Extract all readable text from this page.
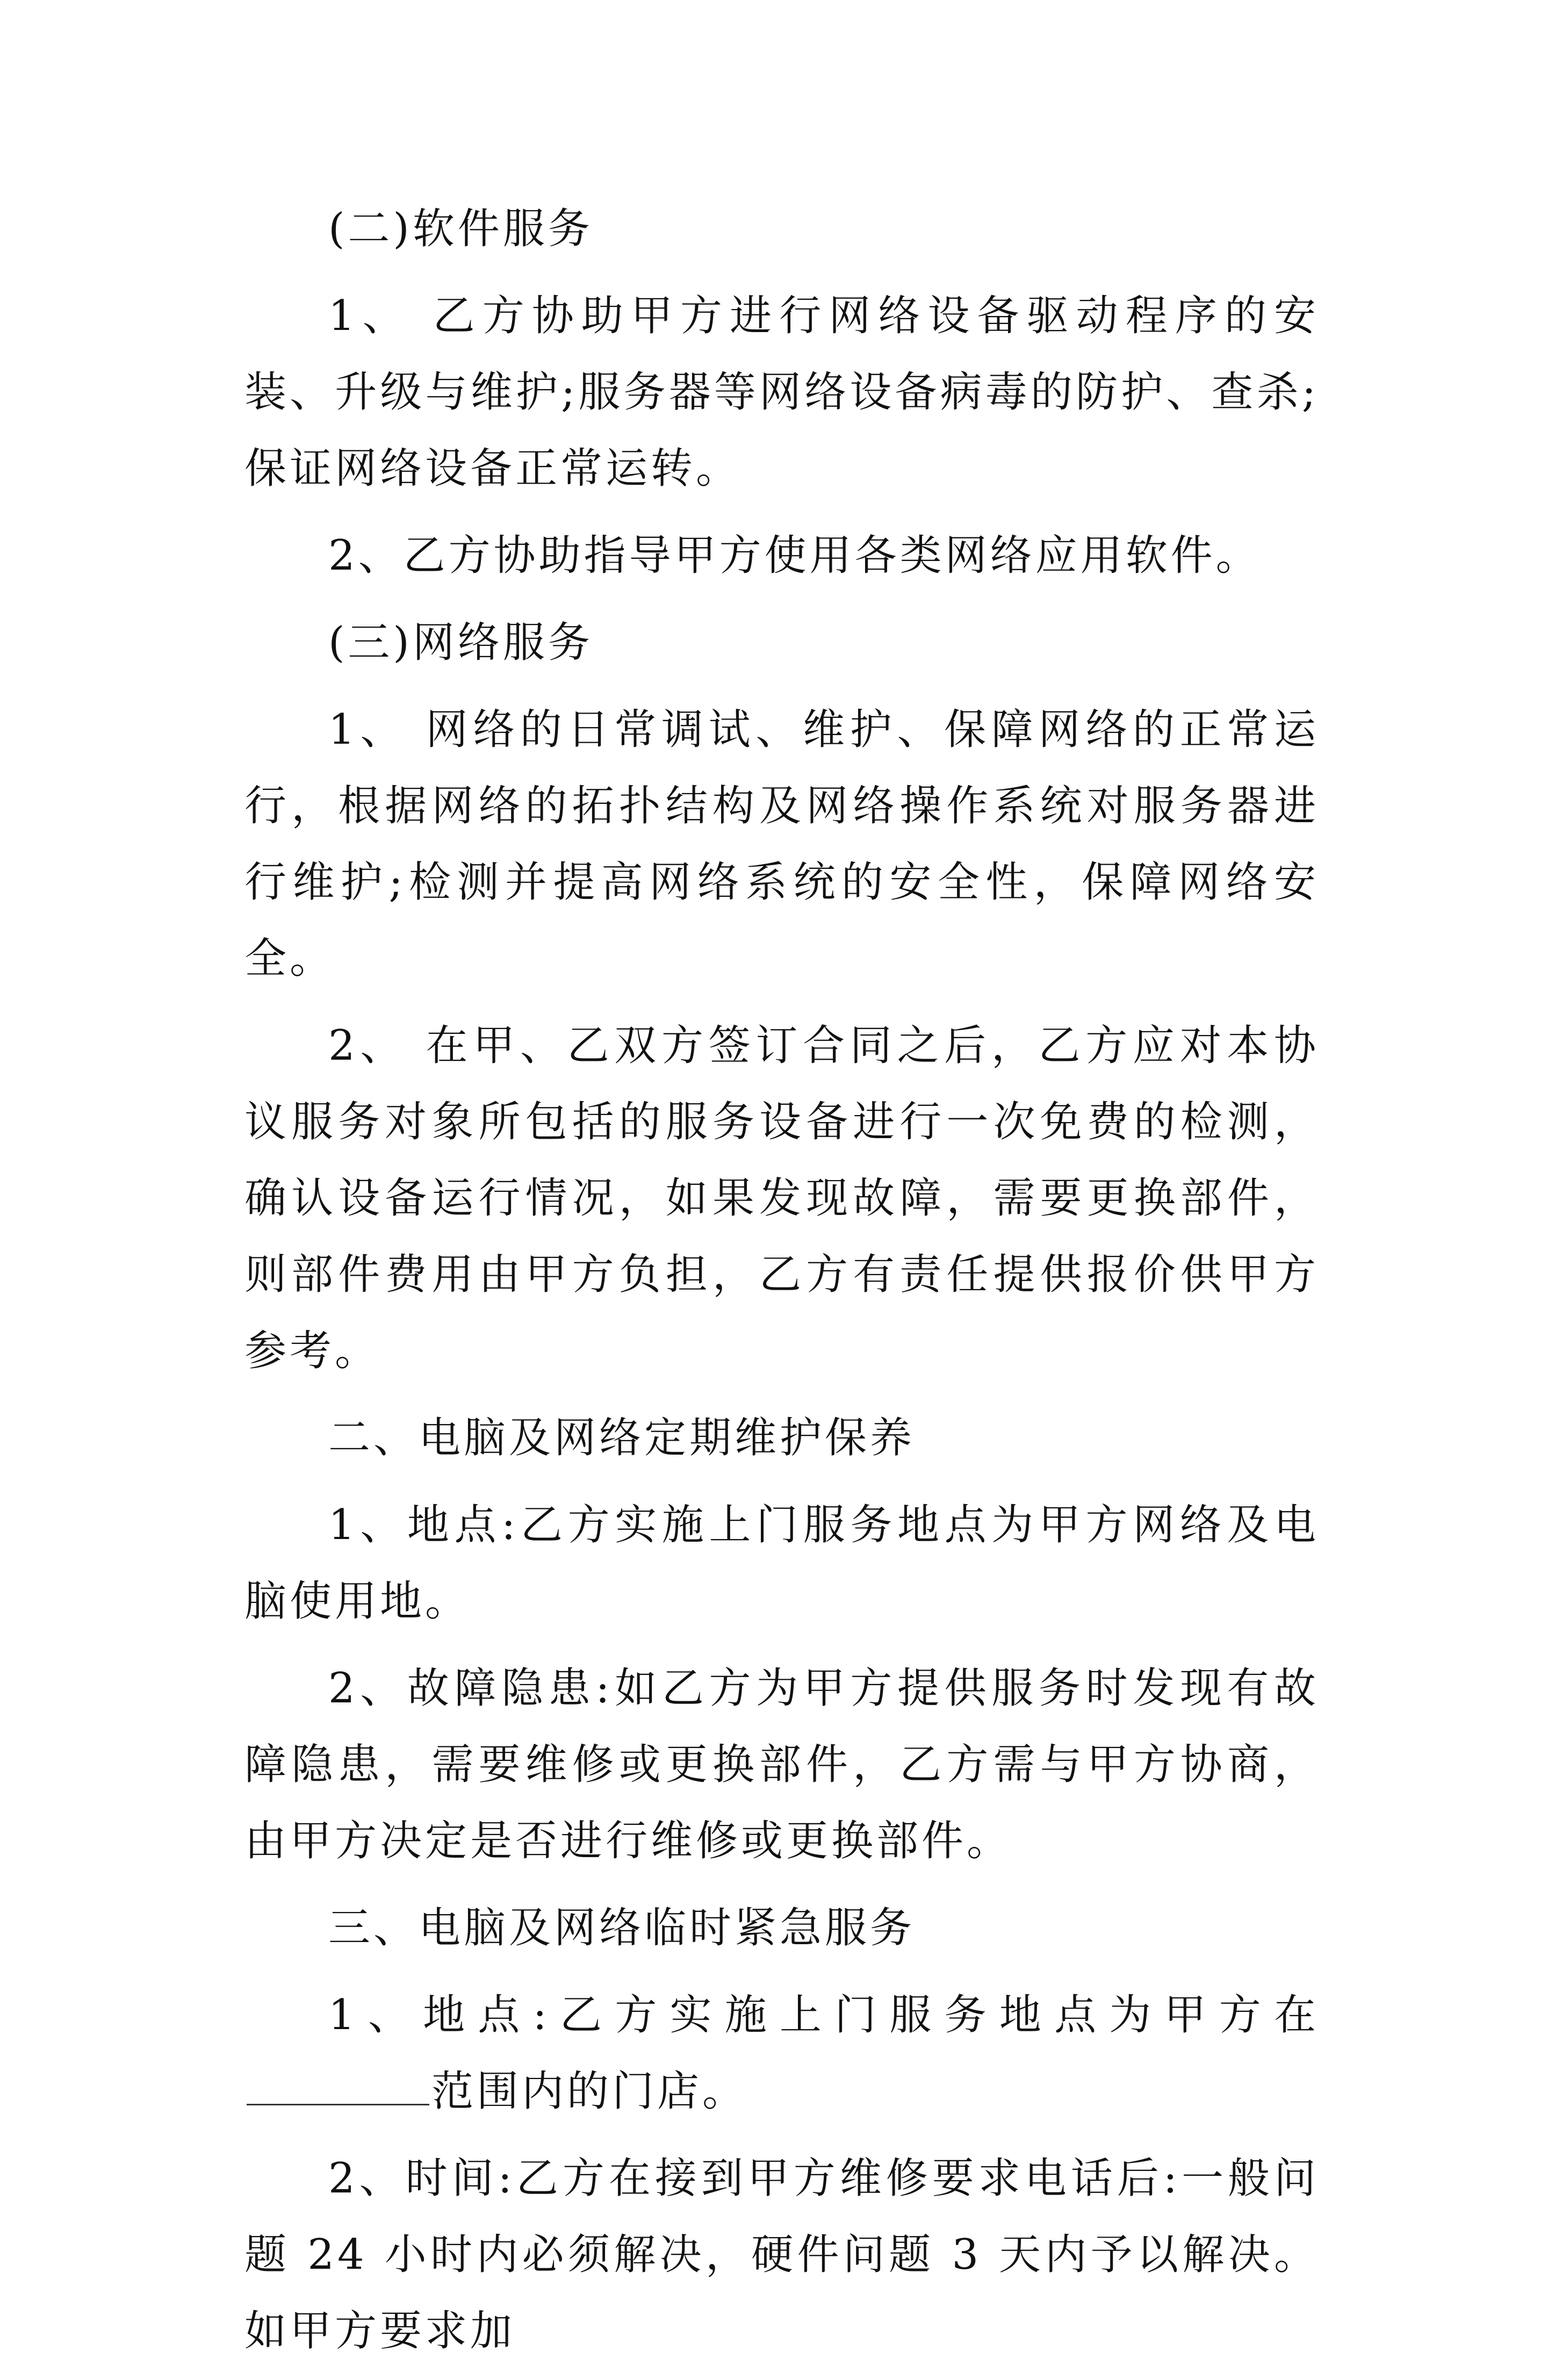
(二)软件服务

1、 乙方协助甲方进行网络设备驱动程序的安装、升级与维护;服务器等网络设备病毒的防护、查杀;保证网络设备正常运转。

2、乙方协助指导甲方使用各类网络应用软件。

(三)网络服务

1、 网络的日常调试、维护、保障网络的正常运行，根据网络的拓扑结构及网络操作系统对服务器进行维护;检测并提高网络系统的安全性，保障网络安全。

2、 在甲、乙双方签订合同之后，乙方应对本协议服务对象所包括的服务设备进行一次免费的检测，确认设备运行情况，如果发现故障，需要更换部件，则部件费用由甲方负担，乙方有责任提供报价供甲方参考。

二、电脑及网络定期维护保养

1、地点:乙方实施上门服务地点为甲方网络及电脑使用地。

2、故障隐患:如乙方为甲方提供服务时发现有故障隐患，需要维修或更换部件，乙方需与甲方协商，由甲方决定是否进行维修或更换部件。

三、电脑及网络临时紧急服务

1、地点:乙方实施上门服务地点为甲方在范围内的门店。

2、时间:乙方在接到甲方维修要求电话后:一般问题 24 小时内必须解决，硬件问题 3 天内予以解决。如甲方要求加
